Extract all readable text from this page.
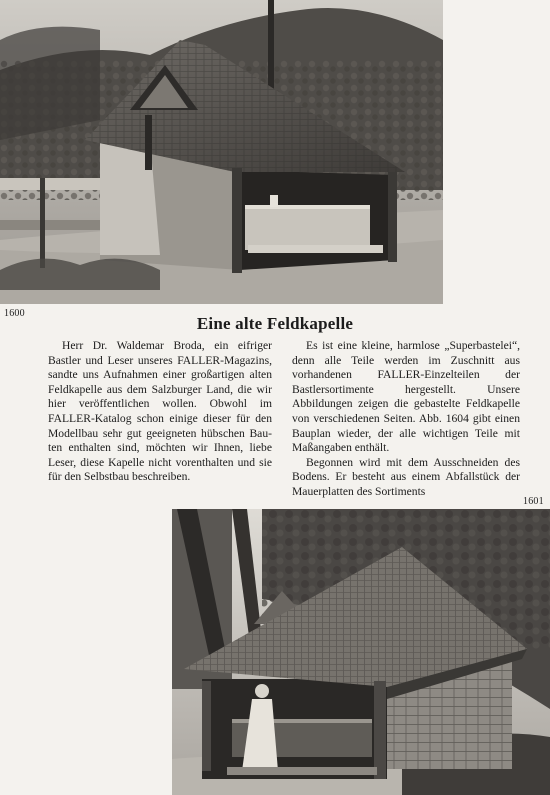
1600
Eine alte Feldkapelle

Herr Dr. Waldemar Broda, ein eifriger Bastler und Leser unseres FALLER-Magazins, sandte uns Aufnahmen einer großartigen alten Feldkapelle aus dem Salzburger Land, die wir hier veröffentlichen wollen. Obwohl im FALLER-Katalog schon einige dieser für den Modellbau sehr gut geeigneten hübschen Bauten enthalten sind, möchten wir Ihnen, liebe Leser, diese Kapelle nicht vorenthalten und sie für den Selbstbau beschreiben.

Es ist eine kleine, harmlose „Superbastelei“, denn alle Teile werden im Zuschnitt aus vorhandenen FALLER-Einzelteilen der Bastlersortimente hergestellt. Unsere Abbildungen zeigen die gebastelte Feldkapelle von verschiedenen Seiten. Abb. 1604 gibt einen Bauplan wieder, der alle wichtigen Teile mit Maßangaben enthält.

Begonnen wird mit dem Ausschneiden des Bodens. Er besteht aus einem Abfallstück der Mauerplatten des Sortiments

1601
